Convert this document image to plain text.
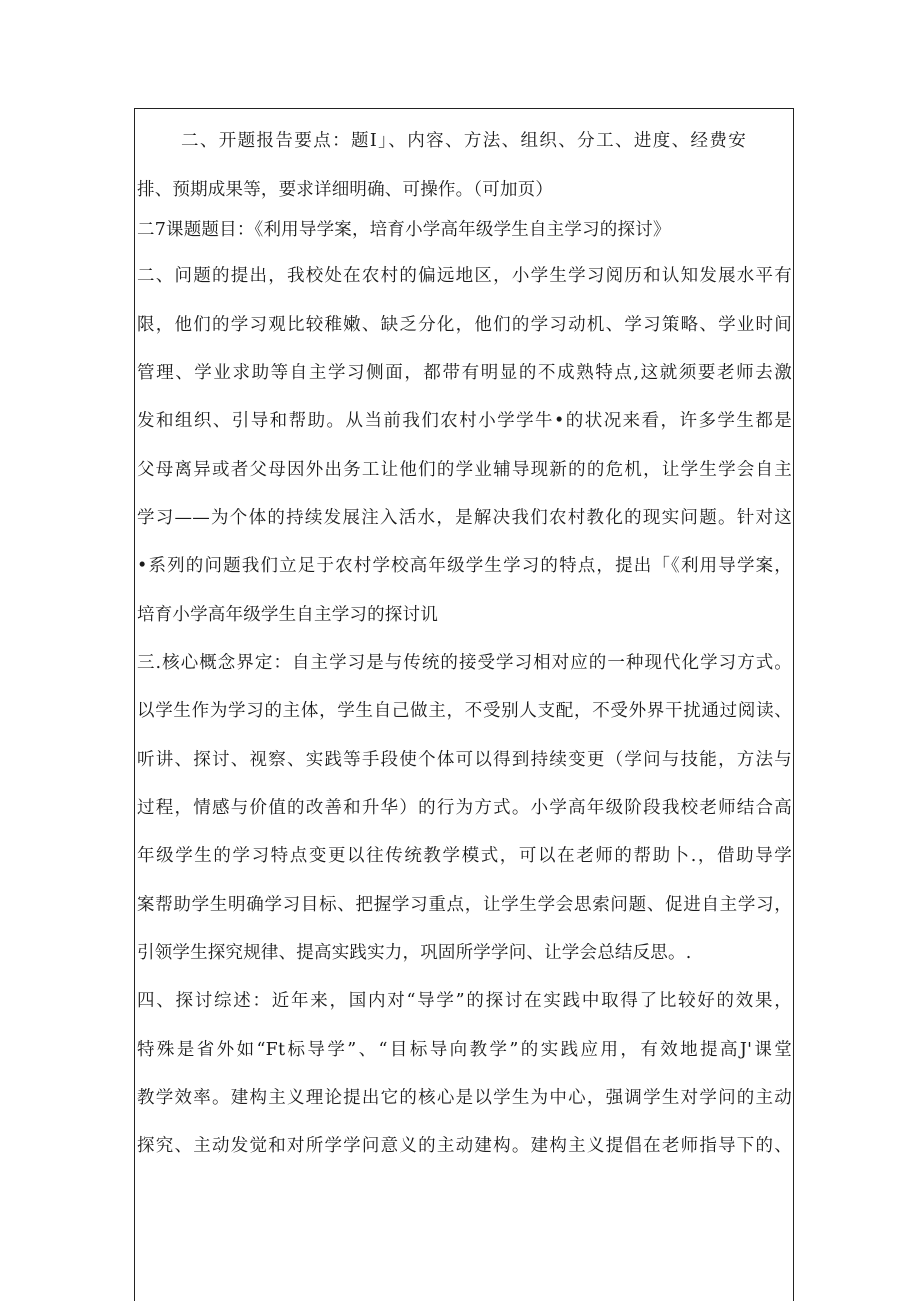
二、开题报告要点：题I」、内容、方法、组织、分工、进度、经费安
排、预期成果等，要求详细明确、可操作。（可加页）
二7课题题目：《利用导学案，培育小学高年级学生自主学习的探讨》
二、问题的提出，我校处在农村的偏远地区，小学生学习阅历和认知发展水平有
限，他们的学习观比较稚嫩、缺乏分化，他们的学习动机、学习策略、学业时间
管理、学业求助等自主学习侧面，都带有明显的不成熟特点,这就须要老师去激
发和组织、引导和帮助。从当前我们农村小学学牛•的状况来看，许多学生都是
父母离异或者父母因外出务工让他们的学业辅导现新的的危机，让学生学会自主
学习——为个体的持续发展注入活水，是解决我们农村教化的现实问题。针对这
•系列的问题我们立足于农村学校高年级学生学习的特点，提出「《利用导学案，
培育小学高年级学生自主学习的探讨讥
三.核心概念界定：自主学习是与传统的接受学习相对应的一种现代化学习方式。
以学生作为学习的主体，学生自己做主，不受别人支配，不受外界干扰通过阅读、
听讲、探讨、视察、实践等手段使个体可以得到持续变更（学问与技能，方法与
过程，情感与价值的改善和升华）的行为方式。小学高年级阶段我校老师结合高
年级学生的学习特点变更以往传统教学模式，可以在老师的帮助卜.，借助导学
案帮助学生明确学习目标、把握学习重点，让学生学会思索问题、促进自主学习，
引领学生探究规律、提高实践实力，巩固所学学问、让学会总结反思。.
四、探讨综述：近年来，国内对“导学”的探讨在实践中取得了比较好的效果，
特殊是省外如“Ft标导学”、“目标导向教学”的实践应用，有效地提高J'课堂
教学效率。建构主义理论提出它的核心是以学生为中心，强调学生对学问的主动
探究、主动发觉和对所学学问意义的主动建构。建构主义提倡在老师指导下的、
